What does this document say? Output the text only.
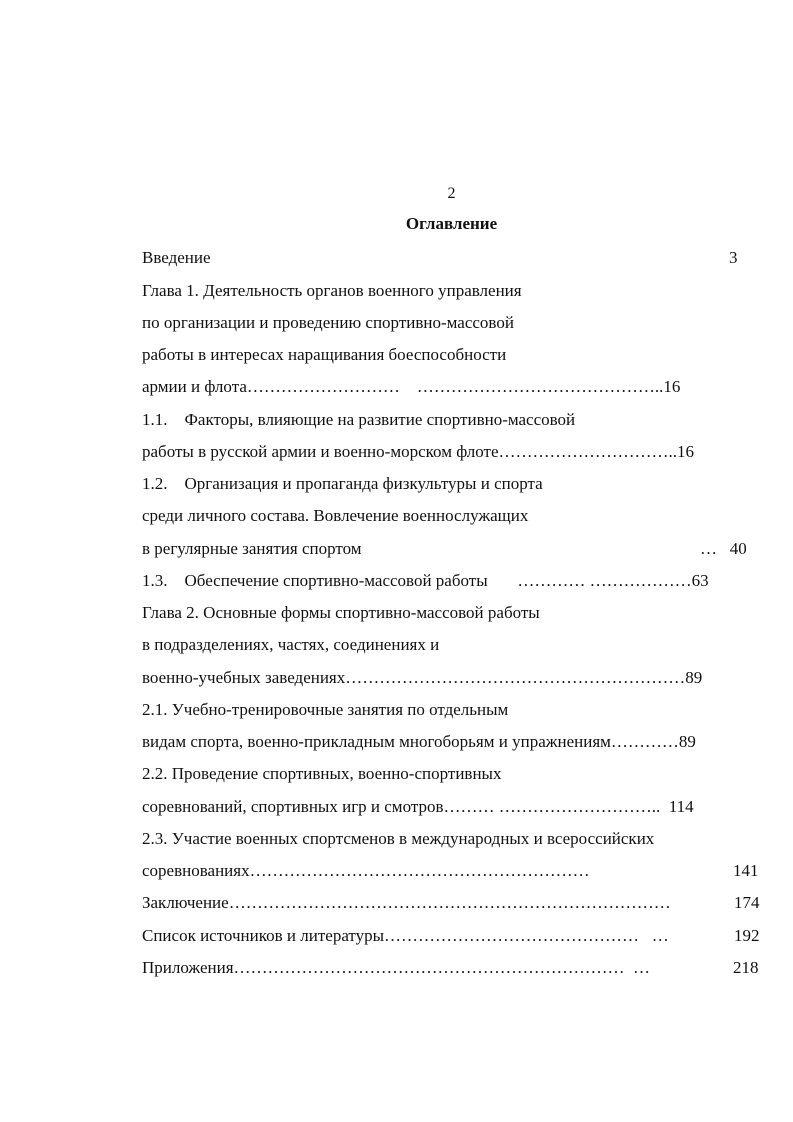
2
Оглавление
Введение	3
Глава 1. Деятельность органов военного управления
по организации и проведению спортивно-массовой
работы в интересах наращивания боеспособности
армии и флота………………………    ……………………………………..16
1.1.    Факторы, влияющие на развитие спортивно-массовой
работы в русской армии и военно-морском флоте…………………………..16
1.2.    Организация и пропаганда физкультуры и спорта
среди личного состава. Вовлечение военнослужащих
в регулярные занятия спортом	…   40
1.3.    Обеспечение спортивно-массовой работы       ………… ………………63
Глава 2. Основные формы спортивно-массовой работы
в подразделениях, частях, соединениях и
военно-учебных заведениях……………………………………………………89
2.1. Учебно-тренировочные занятия по отдельным
видам спорта, военно-прикладным многоборьям и упражнениям…………89
2.2. Проведение спортивных, военно-спортивных
соревнований, спортивных игр и смотров……… ………………………..  114
2.3. Участие военных спортсменов в международных и всероссийских
соревнованиях……………………………………………………	141
Заключение……………………………………………………………………	174
Список источников и литературы………………………………………   …	192
Приложения……………………………………………………………  …	218
